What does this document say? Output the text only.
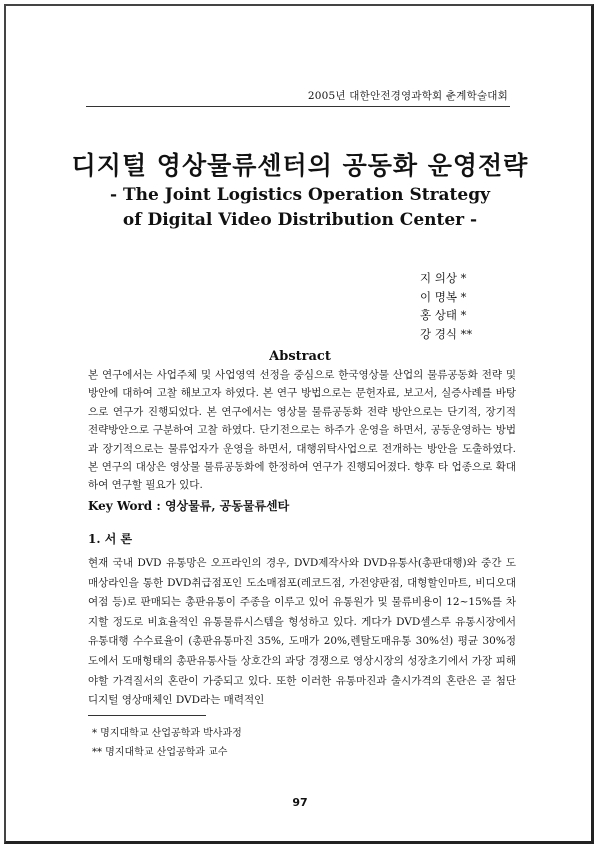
2005년 대한안전경영과학회 춘계학술대회
디지털 영상물류센터의 공동화 운영전략
- The Joint Logistics Operation Strategy
of Digital Video Distribution Center -
지 의상 *
이 명복 *
홍 상태 *
강 경식 **
Abstract
본 연구에서는 사업주체 및 사업영역 선정을 중심으로 한국영상물 산업의 물류공동화 전략 및 방안에 대하여 고찰 해보고자 하였다. 본 연구 방법으로는 문헌자료, 보고서, 실증사례를 바탕으로 연구가 진행되었다. 본 연구에서는 영상물 물류공동화 전략 방안으로는 단기적, 장기적 전략방안으로 구분하여 고찰 하였다. 단기전으로는 하주가 운영을 하면서, 공동운영하는 방법과 장기적으로는 물류업자가 운영을 하면서, 대행위탁사업으로 전개하는 방안을 도출하였다. 본 연구의 대상은 영상물 물류공동화에 한정하여 연구가 진행되어졌다. 향후 타 업종으로 확대하여 연구할 필요가 있다.
Key Word : 영상물류, 공동물류센타
1. 서 론
현재 국내 DVD 유통망은 오프라인의 경우, DVD제작사와 DVD유통사(총판대행)와 중간 도매상라인을 통한 DVD취급점포인 도소매점포(레코드점, 가전양판점, 대형할인마트, 비디오대여점 등)로 판매되는 총판유통이 주종을 이루고 있어 유통원가 및 물류비용이 12~15%를 차지할 정도로 비효율적인 유통물류시스템을 형성하고 있다. 게다가 DVD셀스루 유통시장에서 유통대행 수수료율이 (총판유통마진 35%, 도매가 20%,렌탈도매유통 30%선) 평균 30%정도에서 도매형태의 총판유통사들 상호간의 과당 경쟁으로 영상시장의 성장초기에서 가장 피해야할 가격질서의 혼란이 가중되고 있다. 또한 이러한 유통마진과 출시가격의 혼란은 곧 첨단 디지털 영상매체인 DVD라는 매력적인
* 명지대학교 산업공학과 박사과정
** 명지대학교 산업공학과 교수
97
